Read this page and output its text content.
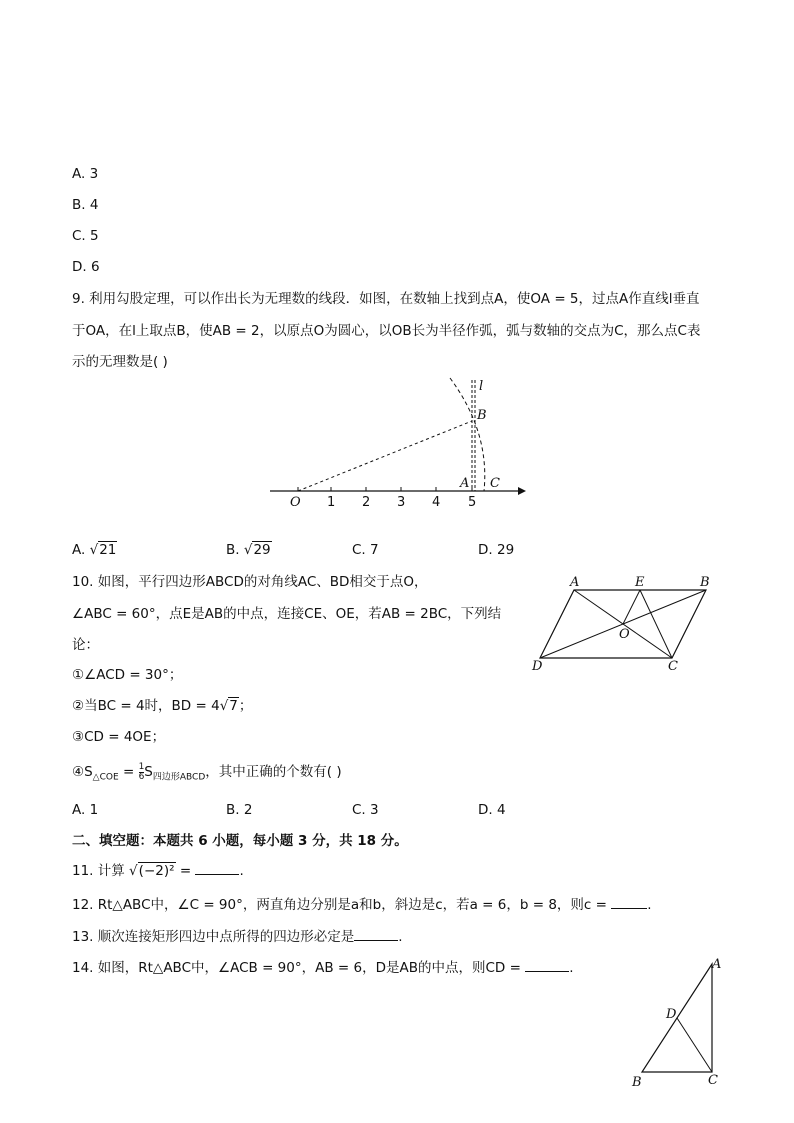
A. 3
B. 4
C. 5
D. 6
9. 利用勾股定理，可以作出长为无理数的线段．如图，在数轴上找到点A，使OA = 5，过点A作直线l垂直
于OA，在l上取点B，使AB = 2，以原点O为圆心，以OB长为半径作弧，弧与数轴的交点为C，那么点C表
示的无理数是( )
O 1 2 3 4 5
A C
B
l
A. √21	B. √29	C. 7	D. 29
10. 如图，平行四边形ABCD的对角线AC、BD相交于点O，
∠ABC = 60°，点E是AB的中点，连接CE、OE，若AB = 2BC，下列结
论：
①∠ACD = 30°；
②当BC = 4时，BD = 4√7；
③CD = 4OE；
$④S_{\triangle COE} = \frac{1}{6} S_{四边形ABCD}$，其中正确的个数有( )
A	E	B
O
D	C
A. 1	B. 2	C. 3	D. 4
二、填空题：本题共 6 小题，每小题 3 分，共 18 分。
11. 计算 √(−2)² =	.
12. Rt△ABC中，∠C = 90°，两直角边分别是a和b，斜边是c，若a = 6，b = 8，则c =	.
13. 顺次连接矩形四边中点所得的四边形必定是	.
14. 如图，Rt△ABC中，∠ACB = 90°，AB = 6，D是AB的中点，则CD =	.	A
D
B	C
